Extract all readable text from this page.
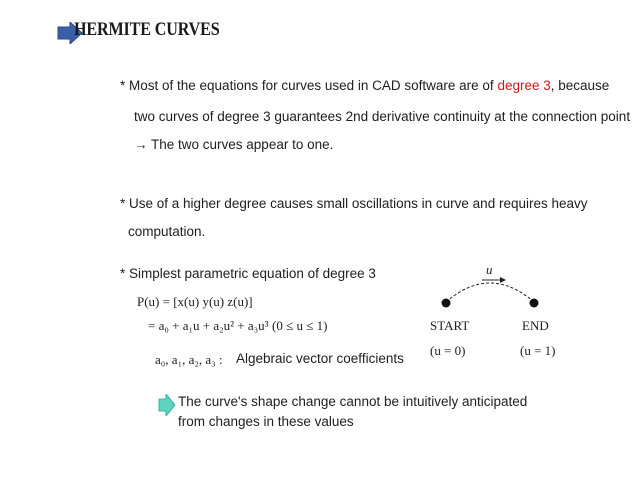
HERMITE CURVES
* Most of the equations for curves used in CAD software are of degree 3, because
two curves of degree 3 guarantees 2nd derivative continuity at the connection point
→ The two curves appear to one.
* Use of a higher degree causes small oscillations in curve and requires heavy
computation.
* Simplest parametric equation of degree 3
P(u) = [x(u) y(u) z(u)]
= a₀ + a₁u + a₂u² + a₃u³ (0 ≤ u ≤ 1)
a₀, a₁, a₂, a₃ : Algebraic vector coefficients
u
START
(u = 0)
END
(u = 1)
The curve's shape change cannot be intuitively anticipated
from changes in these values
